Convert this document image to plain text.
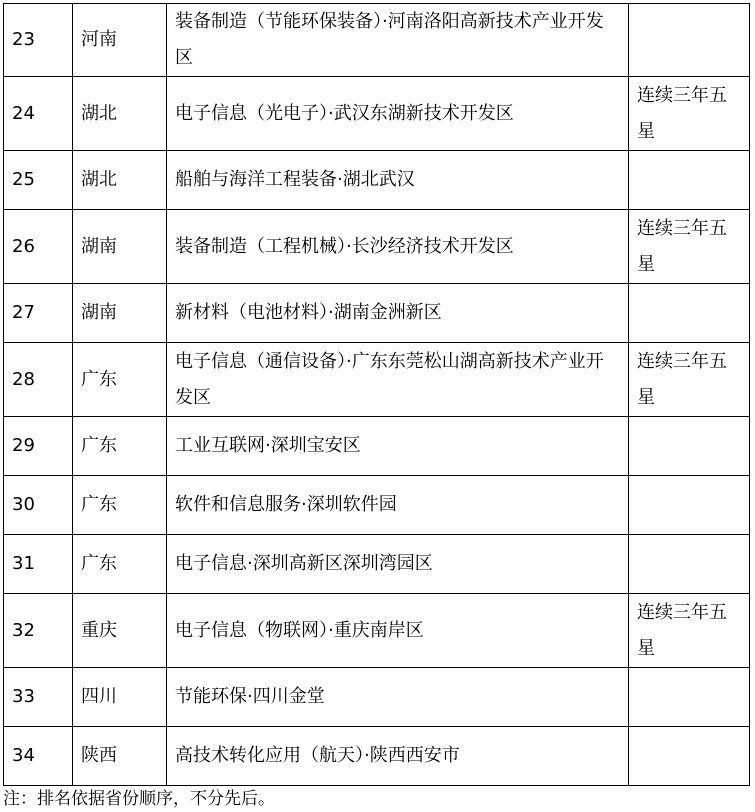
23	河南	装备制造（节能环保装备）·河南洛阳高新技术产业开发区	
24	湖北	电子信息（光电子）·武汉东湖新技术开发区	连续三年五星
25	湖北	船舶与海洋工程装备·湖北武汉	
26	湖南	装备制造（工程机械）·长沙经济技术开发区	连续三年五星
27	湖南	新材料（电池材料）·湖南金洲新区	
28	广东	电子信息（通信设备）·广东东莞松山湖高新技术产业开发区	连续三年五星
29	广东	工业互联网·深圳宝安区	
30	广东	软件和信息服务·深圳软件园	
31	广东	电子信息·深圳高新区深圳湾园区	
32	重庆	电子信息（物联网）·重庆南岸区	连续三年五星
33	四川	节能环保·四川金堂	
34	陕西	高技术转化应用（航天）·陕西西安市	
注：排名依据省份顺序，不分先后。
